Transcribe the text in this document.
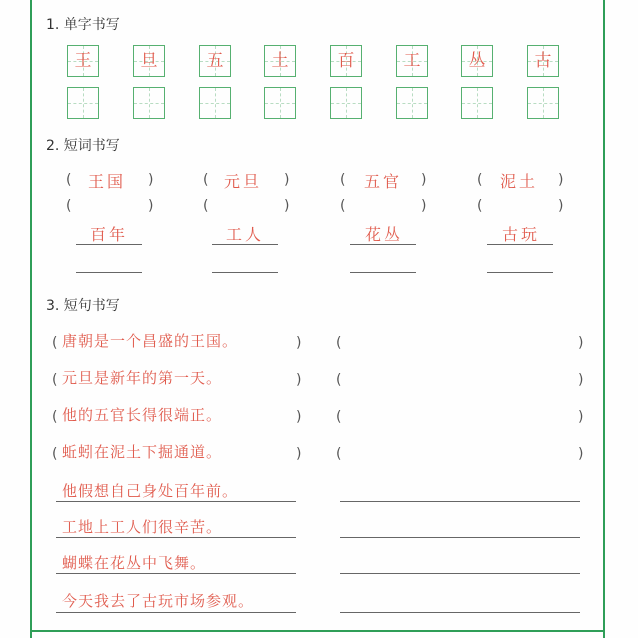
1. 单字书写
王	旦	五	土	百	工	丛	古
2. 短词书写
( 王国 )	( 元旦 )	( 五官 )	( 泥土 )
(	)	(	)	(	)	(	)
百年	工人	花丛	古玩
3. 短句书写
( 唐朝是一个昌盛的王国。	) (	)
( 元旦是新年的第一天。	) (	)
( 他的五官长得很端正。	) (	)
( 蚯蚓在泥土下掘通道。	) (	)
他假想自己身处百年前。
工地上工人们很辛苦。
蝴蝶在花丛中飞舞。
今天我去了古玩市场参观。
